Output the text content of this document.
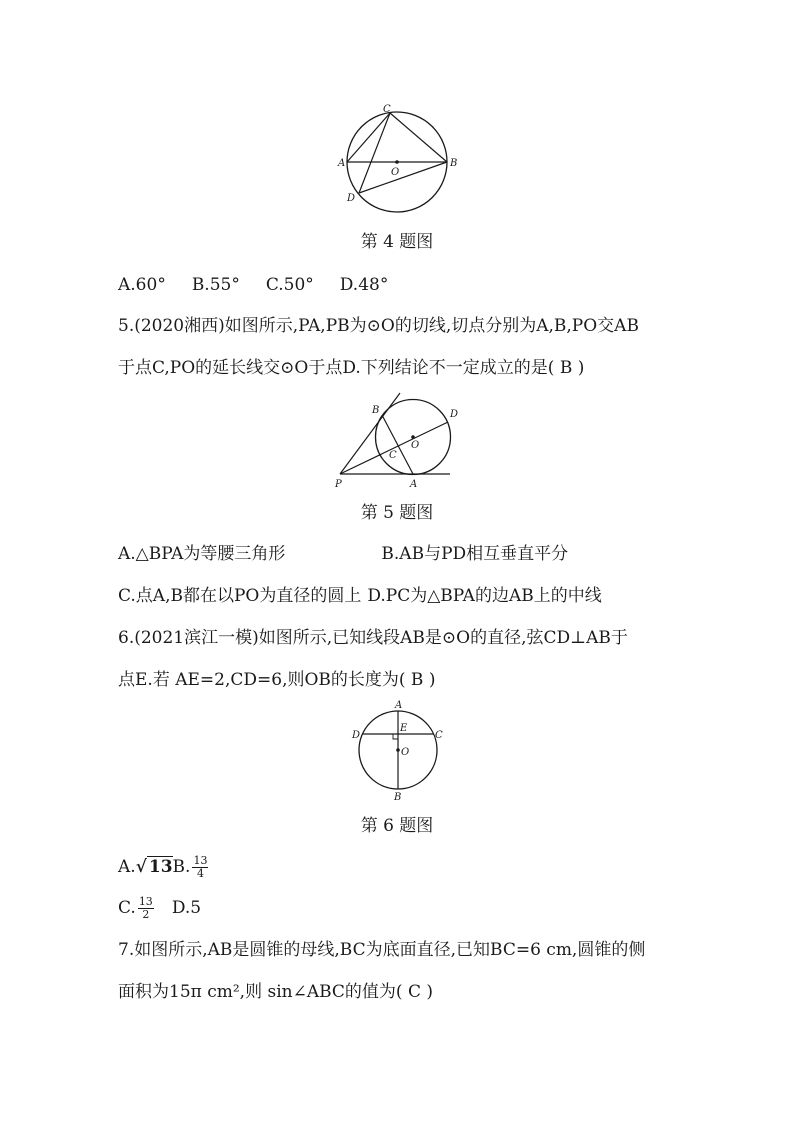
C
A	B
O
D
第 4 题图
A.60° B.55° C.50° D.48°
5.(2020湘西)如图所示,PA,PB为⊙O的切线,切点分别为A,B,PO交AB
于点C,PO的延长线交⊙O于点D.下列结论不一定成立的是( B )
B	D
O
C
P	A
第 5 题图
A.△BPA为等腰三角形	B.AB与PD相互垂直平分
C.点A,B都在以PO为直径的圆上 D.PC为△BPA的边AB上的中线
6.(2021滨江一模)如图所示,已知线段AB是⊙O的直径,弦CD⊥AB于
点E.若 AE=2,CD=6,则OB的长度为( B )
A
D	C
E
O
B
第 6 题图
A.√ 13B. $\frac{13}{4}$
C. $\frac{13}{2} D.5$
7.如图所示,AB是圆锥的母线,BC为底面直径,已知BC=6 cm,圆锥的侧
面积为15π cm²,则 sin∠ABC的值为( C )
